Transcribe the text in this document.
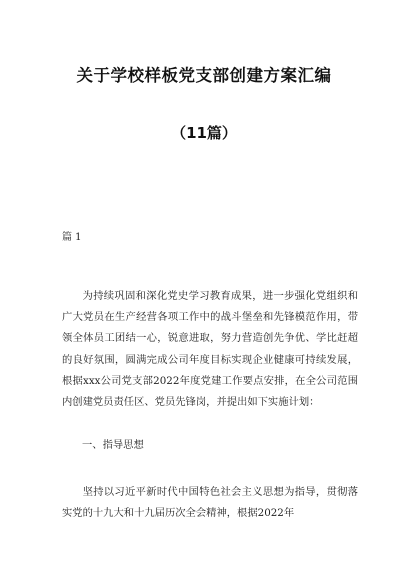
关于学校样板党支部创建方案汇编
（11篇）
篇 1

为持续巩固和深化党史学习教育成果，进一步强化党组织和广大党员在生产经营各项工作中的战斗堡垒和先锋模范作用，带领全体员工团结一心，锐意进取，努力营造创先争优、学比赶超的良好氛围，圆满完成公司年度目标实现企业健康可持续发展，根据xxx公司党支部2022年度党建工作要点安排，在全公司范围内创建党员责任区、党员先锋岗，并提出如下实施计划：

一、指导思想

坚持以习近平新时代中国特色社会主义思想为指导，贯彻落实党的十九大和十九届历次全会精神，根据2022年
